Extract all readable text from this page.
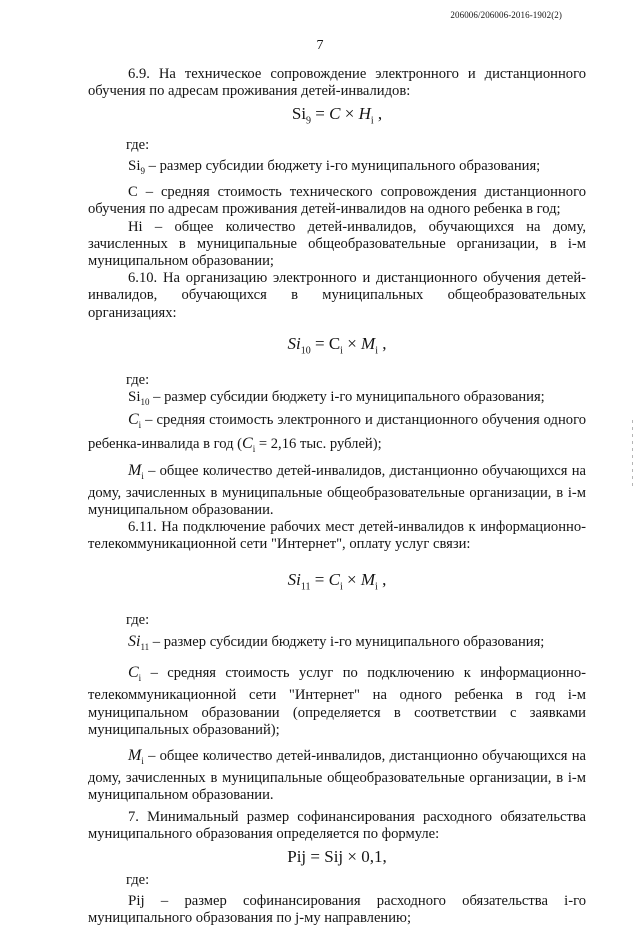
206006/206006-2016-1902(2)
7

6.9. На техническое сопровождение электронного и дистанционного обучения по адресам проживания детей-инвалидов:

$Si_9 = C \times H_i$ ,

где:

$Si_9$ – размер субсидии бюджету i-го муниципального образования;

С – средняя стоимость технического сопровождения дистанционного обучения по адресам проживания детей-инвалидов на одного ребенка в год;

Hi – общее количество детей-инвалидов, обучающихся на дому, зачисленных в муниципальные общеобразовательные организации, в i-м муниципальном образовании;

6.10. На организацию электронного и дистанционного обучения детей-инвалидов, обучающихся в муниципальных общеобразовательных организациях:

$Si_{10} = C_i \times M_i$ ,

где:

$Si_{10}$ – размер субсидии бюджету i-го муниципального образования;

$C_i$ – средняя стоимость электронного и дистанционного обучения одного ребенка-инвалида в год ($C_i = 2,16$ тыс. рублей);

$M_i$ – общее количество детей-инвалидов, дистанционно обучающихся на дому, зачисленных в муниципальные общеобразовательные организации, в i-м муниципальном образовании.

6.11. На подключение рабочих мест детей-инвалидов к информационно-телекоммуникационной сети "Интернет", оплату услуг связи:

$Si_{11} = C_i \times M_i$ ,

где:

$Si_{11}$ – размер субсидии бюджету i-го муниципального образования;

$C_i$ – средняя стоимость услуг по подключению к информационно-телекоммуникационной сети "Интернет" на одного ребенка в год i-м муниципальном образовании (определяется в соответствии с заявками муниципальных образований);

$M_i$ – общее количество детей-инвалидов, дистанционно обучающихся на дому, зачисленных в муниципальные общеобразовательные организации, в i-м муниципальном образовании.

7. Минимальный размер софинансирования расходного обязательства муниципального образования определяется по формуле:

Pij = Sij × 0,1,

где:

Pij – размер софинансирования расходного обязательства i-го муниципального образования по j-му направлению;
